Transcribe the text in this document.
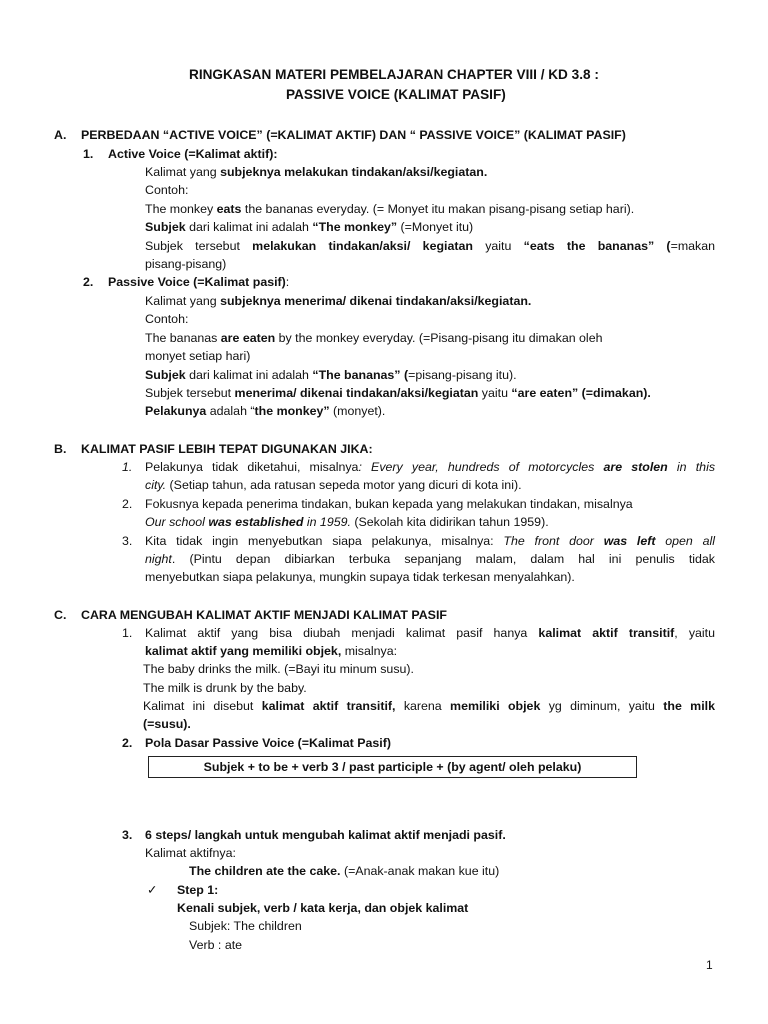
RINGKASAN MATERI PEMBELAJARAN CHAPTER VIII / KD 3.8 :
PASSIVE VOICE (KALIMAT PASIF)
A. PERBEDAAN “ACTIVE VOICE” (=KALIMAT AKTIF) DAN “ PASSIVE VOICE” (KALIMAT PASIF)
1. Active Voice (=Kalimat aktif):
Kalimat yang subjeknya melakukan tindakan/aksi/kegiatan.
Contoh:
The monkey eats the bananas everyday. (= Monyet itu makan pisang-pisang setiap hari).
Subjek dari kalimat ini adalah “The monkey” (=Monyet itu)
Subjek tersebut melakukan tindakan/aksi/ kegiatan yaitu “eats the bananas” (=makan
pisang-pisang)
2. Passive Voice (=Kalimat pasif):
Kalimat yang subjeknya menerima/ dikenai tindakan/aksi/kegiatan.
Contoh:
The bananas are eaten by the monkey everyday. (=Pisang-pisang itu dimakan oleh
monyet setiap hari)
Subjek dari kalimat ini adalah “The bananas” (=pisang-pisang itu).
Subjek tersebut menerima/ dikenai tindakan/aksi/kegiatan yaitu “are eaten” (=dimakan).
Pelakunya adalah “the monkey” (monyet).
B. KALIMAT PASIF LEBIH TEPAT DIGUNAKAN JIKA:
1. Pelakunya tidak diketahui, misalnya: Every year, hundreds of motorcycles are stolen in this
city. (Setiap tahun, ada ratusan sepeda motor yang dicuri di kota ini).
2. Fokusnya kepada penerima tindakan, bukan kepada yang melakukan tindakan, misalnya
Our school was established in 1959. (Sekolah kita didirikan tahun 1959).
3. Kita tidak ingin menyebutkan siapa pelakunya, misalnya: The front door was left open all
night. (Pintu depan dibiarkan terbuka sepanjang malam, dalam hal ini penulis tidak
menyebutkan siapa pelakunya, mungkin supaya tidak terkesan menyalahkan).
C. CARA MENGUBAH KALIMAT AKTIF MENJADI KALIMAT PASIF
1. Kalimat aktif yang bisa diubah menjadi kalimat pasif hanya kalimat aktif transitif, yaitu
kalimat aktif yang memiliki objek, misalnya:
The baby drinks the milk. (=Bayi itu minum susu).
The milk is drunk by the baby.
Kalimat ini disebut kalimat aktif transitif, karena memiliki objek yg diminum, yaitu the milk
(=susu).
2. Pola Dasar Passive Voice (=Kalimat Pasif)
Subjek + to be + verb 3 / past participle + (by agent/ oleh pelaku)
3. 6 steps/ langkah untuk mengubah kalimat aktif menjadi pasif.
Kalimat aktifnya:
The children ate the cake. (=Anak-anak makan kue itu)
✓ Step 1:
Kenali subjek, verb / kata kerja, dan objek kalimat
Subjek: The children
Verb : ate
1
